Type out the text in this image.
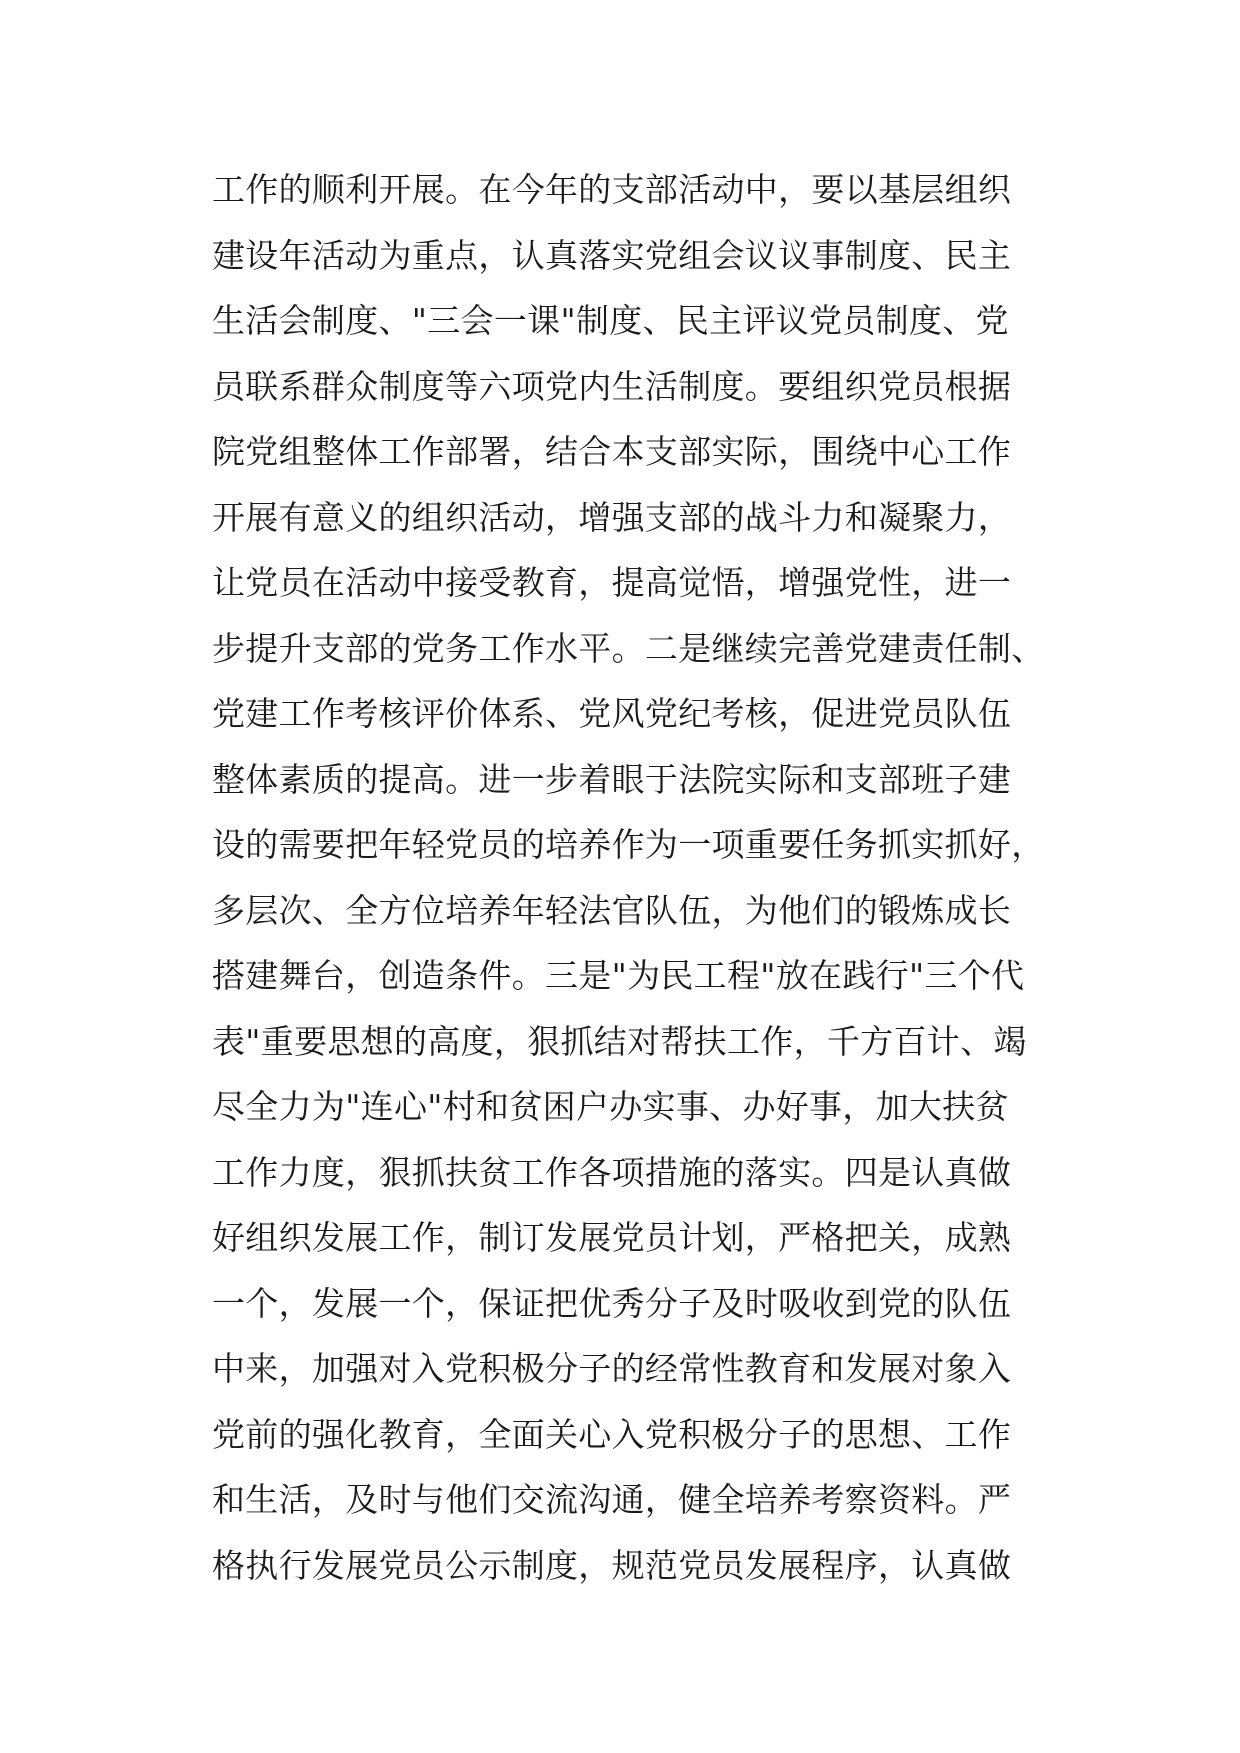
工作的顺利开展。在今年的支部活动中，要以基层组织
建设年活动为重点，认真落实党组会议议事制度、民主
生活会制度、"三会一课"制度、民主评议党员制度、党
员联系群众制度等六项党内生活制度。要组织党员根据
院党组整体工作部署，结合本支部实际，围绕中心工作
开展有意义的组织活动，增强支部的战斗力和凝聚力，
让党员在活动中接受教育，提高觉悟，增强党性，进一
步提升支部的党务工作水平。二是继续完善党建责任制、
党建工作考核评价体系、党风党纪考核，促进党员队伍
整体素质的提高。进一步着眼于法院实际和支部班子建
设的需要把年轻党员的培养作为一项重要任务抓实抓好，
多层次、全方位培养年轻法官队伍，为他们的锻炼成长
搭建舞台，创造条件。三是"为民工程"放在践行"三个代
表"重要思想的高度，狠抓结对帮扶工作，千方百计、竭
尽全力为"连心"村和贫困户办实事、办好事，加大扶贫
工作力度，狠抓扶贫工作各项措施的落实。四是认真做
好组织发展工作，制订发展党员计划，严格把关，成熟
一个，发展一个，保证把优秀分子及时吸收到党的队伍
中来，加强对入党积极分子的经常性教育和发展对象入
党前的强化教育，全面关心入党积极分子的思想、工作
和生活，及时与他们交流沟通，健全培养考察资料。严
格执行发展党员公示制度，规范党员发展程序，认真做
